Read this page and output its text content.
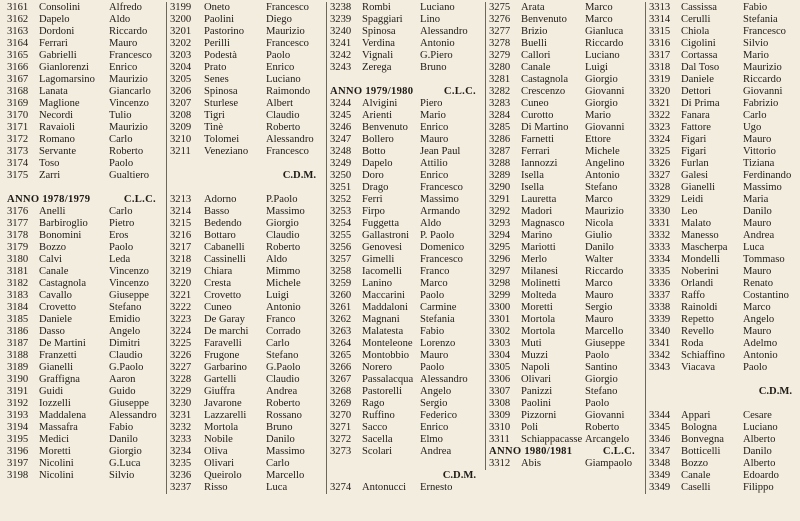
3161 Consolini	Alfredo
3162 Dapelo	Aldo
3163 Dordoni	Riccardo
3164 Ferrari	Mauro
3165 Gabrielli	Francesco
3166 Gianlorenzi Enrico
3167 Lagomarsino Maurizio
3168 Lanata	Giancarlo
3169 Maglione	Vincenzo
3170 Necordi	Tulio
3171 Ravaioli	Maurizio
3172 Romano	Carlo
3173 Servante	Roberto
3174 Toso	Paolo
3175 Zarri	Gualtiero
ANNO 1978/1979	C.L.C.
3176 Anelli	Carlo
3177 Barbiroglio Pietro
3178 Bonomini	Eros
3179 Bozzo	Paolo
3180 Calvi	Leda
3181 Canale	Vincenzo
3182 Castagnola Vincenzo
3183 Cavallo	Giuseppe
3184 Crovetto	Stefano
3185 Daniele	Emidio
3186 Dasso	Angelo
3187 De Martini Dimitri
3188 Franzetti	Claudio
3189 Gianelli	G.Paolo
3190 Graffigna	Aaron
3191 Guidi	Guido
3192 Iozzelli	Giuseppe
3193 Maddalena Alessandro
3194 Massafra	Fabio
3195 Medici	Danilo
3196 Moretti	Giorgio
3197 Nicolini	G.Luca
3198 Nicolini	Silvio
3199 Oneto	Francesco
3200 Paolini	Diego
3201 Pastorino Maurizio
3202 Perilli	Francesco
3203 Podestà	Paolo
3204 Prato	Enrico
3205 Senes	Luciano
3206 Spinosa	Raimondo
3207 Sturlese	Albert
3208 Tigri	Claudio
3209 Tinè	Roberto
3210 Tolomei	Alessandro
3211 Veneziano Francesco
C.D.M.
3213 Adorno	P.Paolo
3214 Basso	Massimo
3215 Bedendo Giorgio
3216 Bottaro	Claudio
3217 Cabanelli Roberto
3218 Cassinelli Aldo
3219 Chiara	Mimmo
3220 Cresta	Michele
3221 Crovetto Luigi
3222 Cuneo	Antonio
3223 De Garay Franco
3224 De marchi Corrado
3225 Faravelli Carlo
3226 Frugone	Stefano
3227 Garbarino G.Paolo
3228 Gartelli	Claudio
3229 Giuffra	Andrea
3230 Javarone Roberto
3231 Lazzarelli Rossano
3232 Mortola	Bruno
3233 Nobile	Danilo
3234 Oliva	Massimo
3235 Olivari	Carlo
3236 Queirolo Marcello
3237 Risso	Luca
3238 Rombi	Luciano
3239 Spaggiari Lino
3240 Spinosa Alessandro
3241 Verdina Antonio
3242 Vignali	G.Piero
3243 Zerega	Bruno
ANNO 1979/1980	C.L.C.
3244 Alvigini Piero
3245 Arienti	Mario
3246 Benvenuto Enrico
3247 Bollero Mauro
3248 Botto	Jean Paul
3249 Dapelo	Attilio
3250 Doro	Enrico
3251 Drago	Francesco
3252 Ferri	Massimo
3253 Firpo	Armando
3254 Fuggetta Aldo
3255 Gallastroni P. Paolo
3256 Genovesi Domenico
3257 Gimelli Francesco
3258 Iacomelli Franco
3259 Lanino	Marco
3260 Maccarini Paolo
3261 Maddaloni Carmine
3262 Magnani Stefania
3263 Malatesta Fabio
3264 Monteleone Lorenzo
3265 Montobbio Mauro
3266 Norero	Paolo
3267 Passalacqua Alessandro
3268 Pastorelli Angelo
3269 Rago	Sergio
3270 Ruffino Federico
3271 Sacco	Enrico
3272 Sacella	Elmo
3273 Scolari	Andrea
C.D.M.
3274 Antonucci Ernesto
3275 Arata	Marco
3276 Benvenuto Marco
3277 Brizio	Gianluca
3278 Buelli	Riccardo
3279 Callori	Luciano
3280 Canale	Luigi
3281 Castagnola Giorgio
3282 Crescenzo Giovanni
3283 Cuneo	Giorgio
3284 Curotto	Mario
3285 Di Martino Giovanni
3286 Farnetti	Ettore
3287 Ferrari	Michele
3288 Iannozzi	Angelino
3289 Isella	Antonio
3290 Isella	Stefano
3291 Lauretta	Marco
3292 Madori	Maurizio
3293 Magnasco Nicola
3294 Marino	Giulio
3295 Mariotti	Danilo
3296 Merlo	Walter
3297 Milanesi	Riccardo
3298 Molinetti Marco
3299 Molteda	Mauro
3300 Moretti	Sergio
3301 Mortola	Mauro
3302 Mortola	Marcello
3303 Muti	Giuseppe
3304 Muzzi	Paolo
3305 Napoli	Santino
3306 Olivari	Giorgio
3307 Panizzi	Stefano
3308 Paolini	Paolo
3309 Pizzorni	Giovanni
3310 Poli	Roberto
3311 Schiappacasse Arcangelo
ANNO 1980/1981	C.L.C.
3312 Abis	Giampaolo
3313 Cassissa Fabio
3314 Cerulli	Stefania
3315 Chiola	Francesco
3316 Cigolini	Silvio
3317 Cortassa Mario
3318 Dal Toso Maurizio
3319 Daniele	Riccardo
3320 Dettori	Giovanni
3321 Di Prima Fabrizio
3322 Fanara	Carlo
3323 Fattore	Ugo
3324 Figari	Mauro
3325 Figari	Vittorio
3326 Furlan	Tiziana
3327 Galesi	Ferdinando
3328 Gianelli	Massimo
3329 Leidi	Maria
3330 Leo	Danilo
3331 Malato	Mauro
3332 Manesso Andrea
3333 Mascherpa Luca
3334 Mondelli Tommaso
3335 Noberini Mauro
3336 Orlandi	Renato
3337 Raffo	Costantino
3338 Rainoldi Marco
3339 Repetto	Angelo
3340 Revello	Mauro
3341 Roda	Adelmo
3342 Schiaffino Antonio
3343 Viacava	Paolo
C.D.M.
3344 Appari	Cesare
3345 Bologna Luciano
3346 Bonvegna Alberto
3347 Botticelli Danilo
3348 Bozzo	Alberto
3349 Canale	Edoardo
3349 Caselli	Filippo
